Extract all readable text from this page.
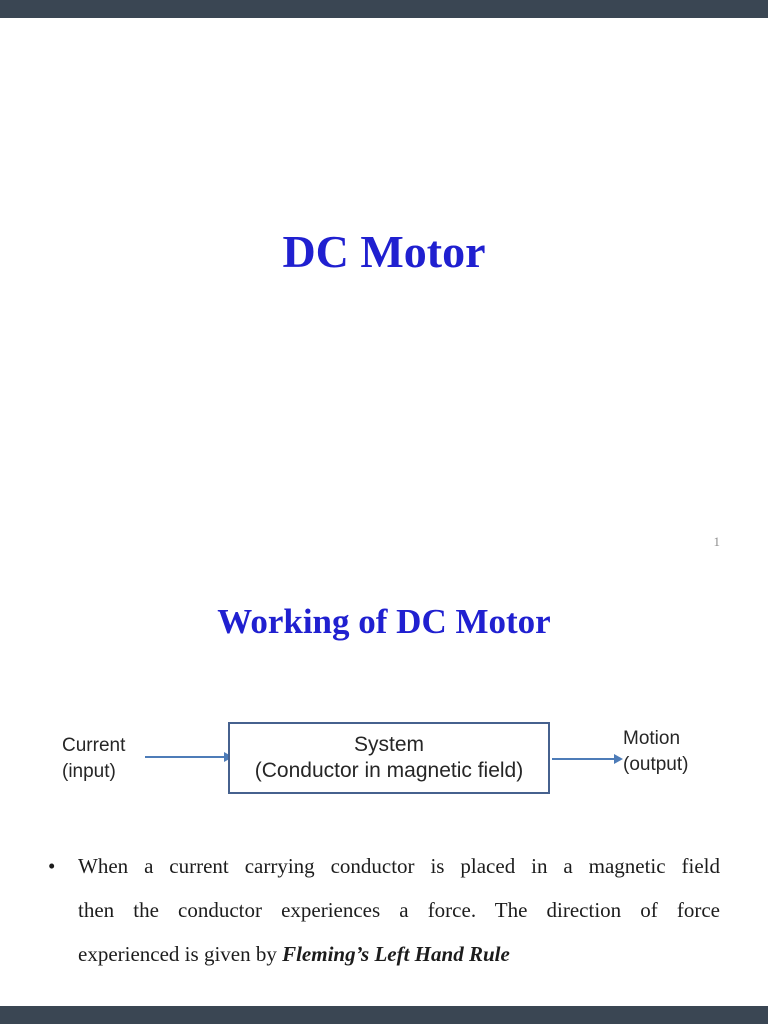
DC Motor
1
Working of DC Motor
Current
(input)
System
(Conductor in magnetic field)
Motion
(output)
• When a current carrying conductor is placed in a magnetic field
then the conductor experiences a force. The direction of force
experienced is given by Fleming’s Left Hand Rule
